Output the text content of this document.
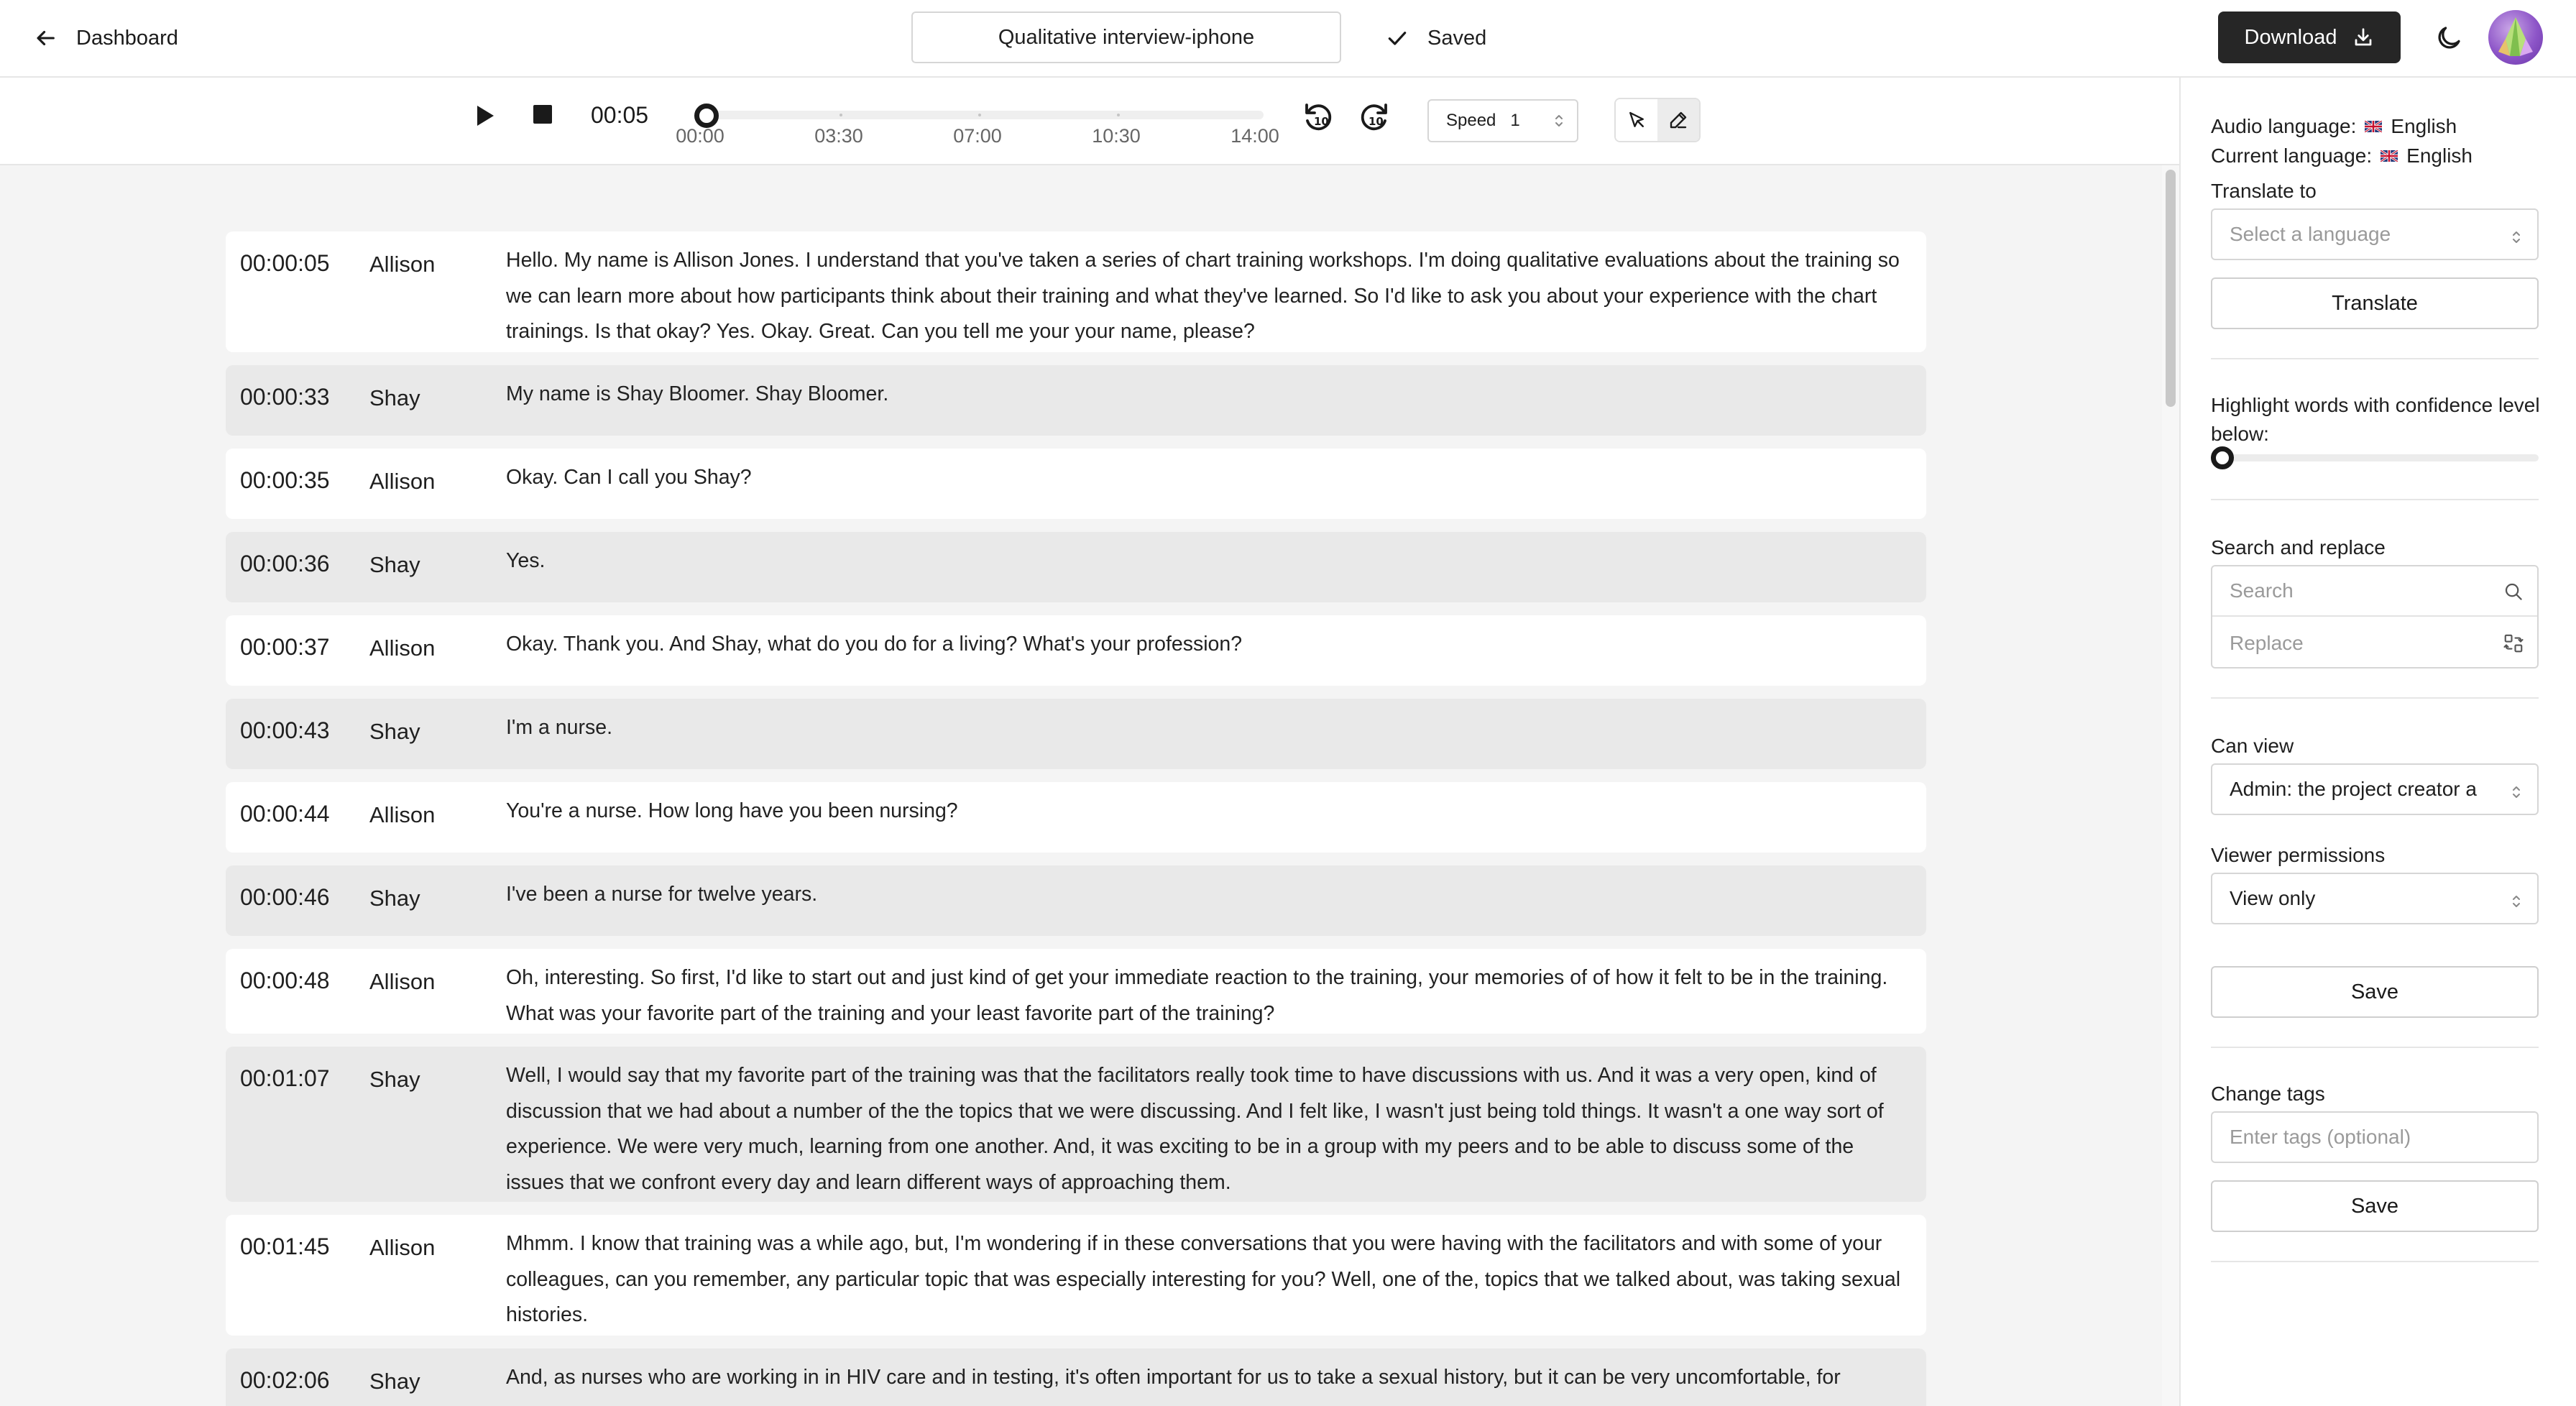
Dashboard	Qualitative interview-iphone	Saved	Download
00:05
00:00	03:30	07:00	10:30	14:00
10	10	Speed 1
00:00:05 Allison	Hello. My name is Allison Jones. I understand that you've taken a series of chart training workshops. I'm doing qualitative evaluations about the training so we can learn more about how participants think about their training and what they've learned. So I'd like to ask you about your experience with the chart trainings. Is that okay? Yes. Okay. Great. Can you tell me your your name, please?
00:00:33 Shay	My name is Shay Bloomer. Shay Bloomer.
00:00:35 Allison	Okay. Can I call you Shay?
00:00:36 Shay	Yes.
00:00:37 Allison	Okay. Thank you. And Shay, what do you do for a living? What's your profession?
00:00:43 Shay	I'm a nurse.
00:00:44 Allison	You're a nurse. How long have you been nursing?
00:00:46 Shay	I've been a nurse for twelve years.
00:00:48 Allison	Oh, interesting. So first, I'd like to start out and just kind of get your immediate reaction to the training, your memories of of how it felt to be in the training. What was your favorite part of the training and your least favorite part of the training?
00:01:07 Shay	Well, I would say that my favorite part of the training was that the facilitators really took time to have discussions with us. And it was a very open, kind of discussion that we had about a number of the the topics that we were discussing. And I felt like, I wasn't just being told things. It wasn't a one way sort of experience. We were very much, learning from one another. And, it was exciting to be in a group with my peers and to be able to discuss some of the issues that we confront every day and learn different ways of approaching them.
00:01:45 Allison	Mhmm. I know that training was a while ago, but, I'm wondering if in these conversations that you were having with the facilitators and with some of your colleagues, can you remember, any particular topic that was especially interesting for you? Well, one of the, topics that we talked about, was taking sexual histories.
00:02:06 Shay	And, as nurses who are working in in HIV care and in testing, it's often important for us to take a sexual history, but it can be very uncomfortable, for
Audio language: English
Current language: English
Translate to
Select a language
Translate
Highlight words with confidence level below:
Search and replace
Search
Replace
Can view
Admin: the project creator a
Viewer permissions
View only
Save
Change tags
Enter tags (optional)
Save
